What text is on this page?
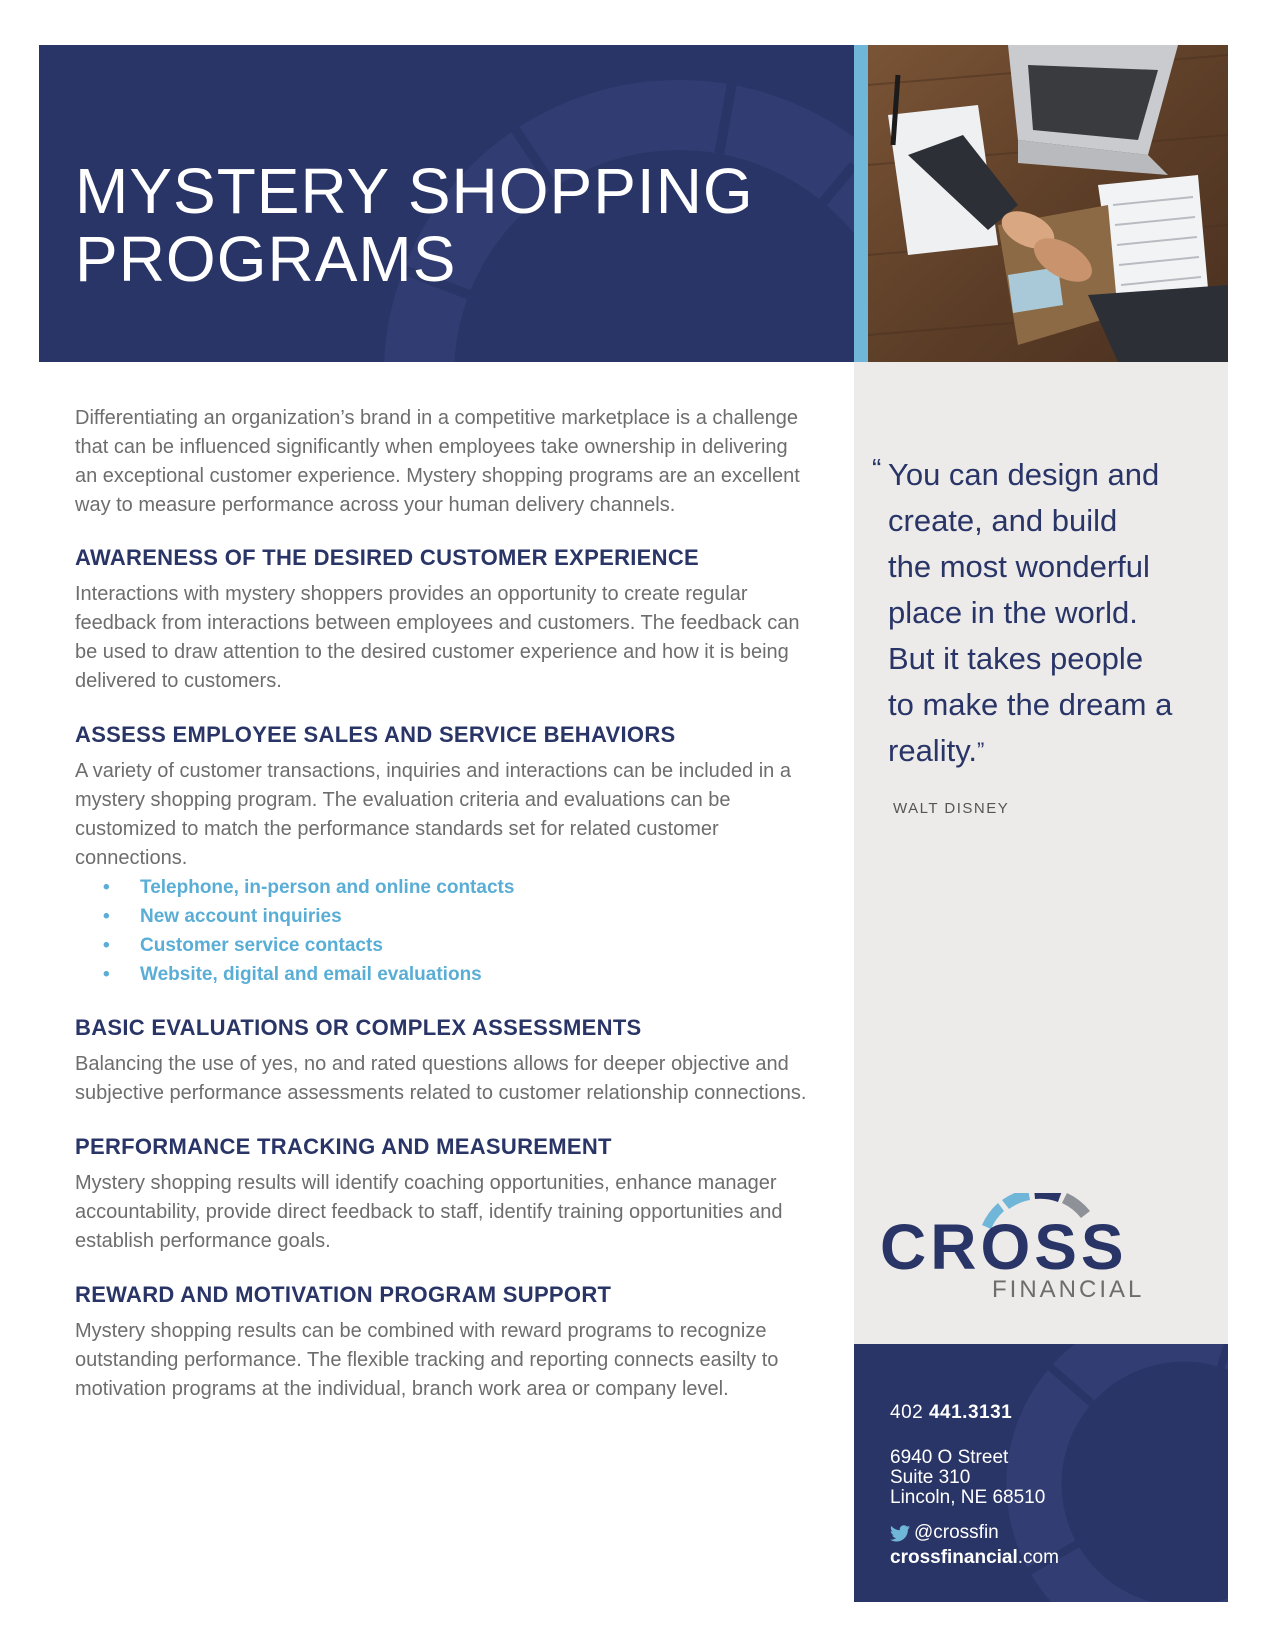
MYSTERY SHOPPING
PROGRAMS
“ You can design and
create, and build
the most wonderful
place in the world.
But it takes people
to make the dream a
reality.”
WALT DISNEY
CROSS
FINANCIAL
402 441.3131
6940 O Street
Suite 310
Lincoln, NE 68510
@crossfin
crossfinancial.com

Differentiating an organization’s brand in a competitive marketplace is a challenge that can be influenced significantly when employees take ownership in delivering an exceptional customer experience. Mystery shopping programs are an excellent way to measure performance across your human delivery channels.

AWARENESS OF THE DESIRED CUSTOMER EXPERIENCE

Interactions with mystery shoppers provides an opportunity to create regular feedback from interactions between employees and customers. The feedback can be used to draw attention to the desired customer experience and how it is being delivered to customers.

ASSESS EMPLOYEE SALES AND SERVICE BEHAVIORS

A variety of customer transactions, inquiries and interactions can be included in a mystery shopping program. The evaluation criteria and evaluations can be customized to match the performance standards set for related customer connections.

• Telephone, in-person and online contacts
• New account inquiries
• Customer service contacts
• Website, digital and email evaluations
BASIC EVALUATIONS OR COMPLEX ASSESSMENTS

Balancing the use of yes, no and rated questions allows for deeper objective and subjective performance assessments related to customer relationship connections.

PERFORMANCE TRACKING AND MEASUREMENT

Mystery shopping results will identify coaching opportunities, enhance manager accountability, provide direct feedback to staff, identify training opportunities and establish performance goals.

REWARD AND MOTIVATION PROGRAM SUPPORT

Mystery shopping results can be combined with reward programs to recognize outstanding performance. The flexible tracking and reporting connects easilty to motivation programs at the individual, branch work area or company level.
